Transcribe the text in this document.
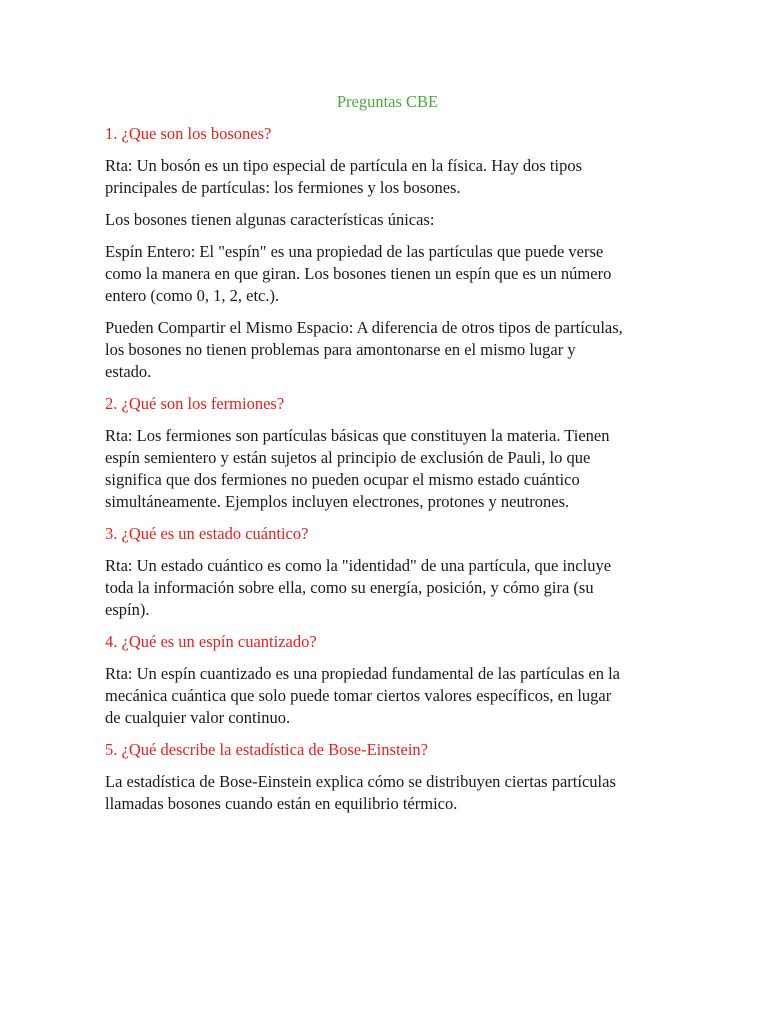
Preguntas CBE
1. ¿Que son los bosones?
Rta: Un bosón es un tipo especial de partícula en la física. Hay dos tipos
principales de partículas: los fermiones y los bosones.
Los bosones tienen algunas características únicas:
Espín Entero: El "espín" es una propiedad de las partículas que puede verse
como la manera en que giran. Los bosones tienen un espín que es un número
entero (como 0, 1, 2, etc.).
Pueden Compartir el Mismo Espacio: A diferencia de otros tipos de partículas,
los bosones no tienen problemas para amontonarse en el mismo lugar y
estado.
2. ¿Qué son los fermiones?
Rta: Los fermiones son partículas básicas que constituyen la materia. Tienen
espín semientero y están sujetos al principio de exclusión de Pauli, lo que
significa que dos fermiones no pueden ocupar el mismo estado cuántico
simultáneamente. Ejemplos incluyen electrones, protones y neutrones.
3. ¿Qué es un estado cuántico?
Rta: Un estado cuántico es como la "identidad" de una partícula, que incluye
toda la información sobre ella, como su energía, posición, y cómo gira (su
espín).
4. ¿Qué es un espín cuantizado?
Rta: Un espín cuantizado es una propiedad fundamental de las partículas en la
mecánica cuántica que solo puede tomar ciertos valores específicos, en lugar
de cualquier valor continuo.
5. ¿Qué describe la estadística de Bose-Einstein?
La estadística de Bose-Einstein explica cómo se distribuyen ciertas partículas
llamadas bosones cuando están en equilibrio térmico.
